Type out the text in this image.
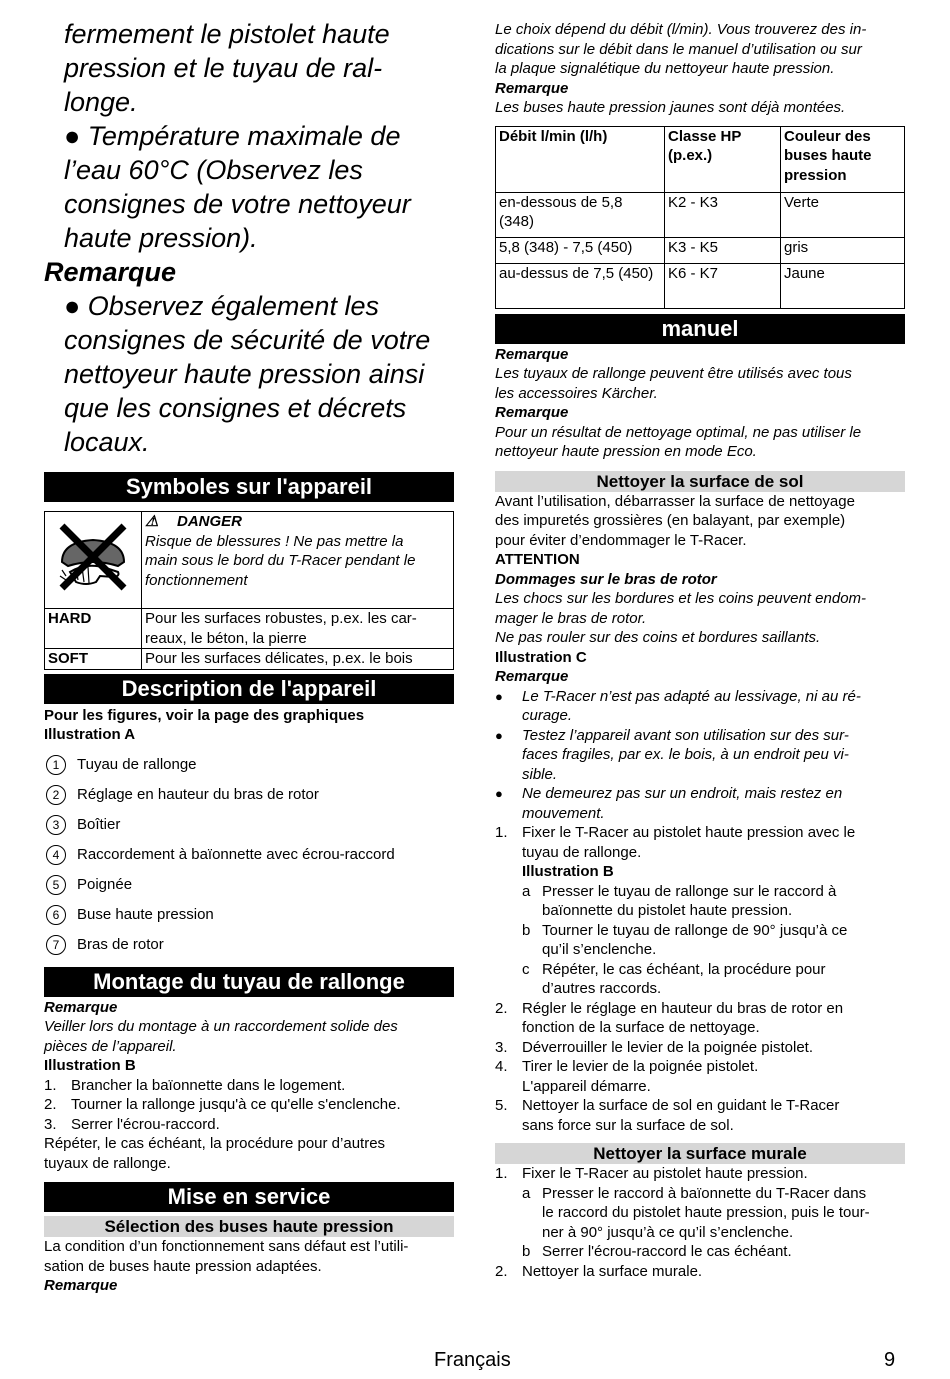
fermement le pistolet haute

pression et le tuyau de ral-

longe.

● Température maximale de

l’eau 60°C (Observez les

consignes de votre nettoyeur

haute pression).

Remarque

● Observez également les

consignes de sécurité de votre

nettoyeur haute pression ainsi

que les consignes et décrets

locaux.

Symboles sur l'appareil

⚠ DANGER
Risque de blessures ! Ne pas mettre la
main sous le bord du T-Racer pendant le
fonctionnement

HARD	Pour les surfaces robustes, p.ex. les car-
reaux, le béton, la pierre

SOFT	Pour les surfaces délicates, p.ex. le bois
Description de l'appareil

Pour les figures, voir la page des graphiques

Illustration A

1	Tuyau de rallonge
2	Réglage en hauteur du bras de rotor
3	Boîtier
4	Raccordement à baïonnette avec écrou-raccord
5	Poignée
6	Buse haute pression
7	Bras de rotor
Montage du tuyau de rallonge

Remarque

Veiller lors du montage à un raccordement solide des

pièces de l’appareil.

Illustration B

1. Brancher la baïonnette dans le logement.
2. Tourner la rallonge jusqu'à ce qu'elle s'enclenche.
3. Serrer l'écrou-raccord.

Répéter, le cas échéant, la procédure pour d’autres

tuyaux de rallonge.

Mise en service
Sélection des buses haute pression

La condition d’un fonctionnement sans défaut est l’utili-

sation de buses haute pression adaptées.

Remarque

Le choix dépend du débit (l/min). Vous trouverez des in-

dications sur le débit dans le manuel d’utilisation ou sur

la plaque signalétique du nettoyeur haute pression.

Remarque

Les buses haute pression jaunes sont déjà montées.

Débit l/min (l/h)	Classe HP (p.ex.)	Couleur des buses haute pression
en-dessous de 5,8 (348)	K2 - K3	Verte
5,8 (348) - 7,5 (450)	K3 - K5	gris
au-dessus de 7,5 (450)	K6 - K7	Jaune
manuel

Remarque

Les tuyaux de rallonge peuvent être utilisés avec tous

les accessoires Kärcher.

Remarque

Pour un résultat de nettoyage optimal, ne pas utiliser le

nettoyeur haute pression en mode Eco.

Nettoyer la surface de sol

Avant l’utilisation, débarrasser la surface de nettoyage

des impuretés grossières (en balayant, par exemple)

pour éviter d’endommager le T-Racer.

ATTENTION

Dommages sur le bras de rotor

Les chocs sur les bordures et les coins peuvent endom-

mager le bras de rotor.

Ne pas rouler sur des coins et bordures saillants.

Illustration C

Remarque

●	Le T-Racer n’est pas adapté au lessivage, ni au ré-
curage.
●	Testez l’appareil avant son utilisation sur des sur-
faces fragiles, par ex. le bois, à un endroit peu vi-
sible.
●	Ne demeurez pas sur un endroit, mais restez en
mouvement.
1. Fixer le T-Racer au pistolet haute pression avec le
tuyau de rallonge.
Illustration B
a Presser le tuyau de rallonge sur le raccord à
baïonnette du pistolet haute pression.
b Tourner le tuyau de rallonge de 90° jusqu’à ce
qu’il s’enclenche.
c Répéter, le cas échéant, la procédure pour
d’autres raccords.
2. Régler le réglage en hauteur du bras de rotor en
fonction de la surface de nettoyage.
3. Déverrouiller le levier de la poignée pistolet.
4. Tirer le levier de la poignée pistolet.
L'appareil démarre.
5. Nettoyer la surface de sol en guidant le T-Racer
sans force sur la surface de sol.
Nettoyer la surface murale
1. Fixer le T-Racer au pistolet haute pression.
a Presser le raccord à baïonnette du T-Racer dans
le raccord du pistolet haute pression, puis le tour-
ner à 90° jusqu’à ce qu’il s’enclenche.
b Serrer l'écrou-raccord le cas échéant.
2. Nettoyer la surface murale.
Français	9
